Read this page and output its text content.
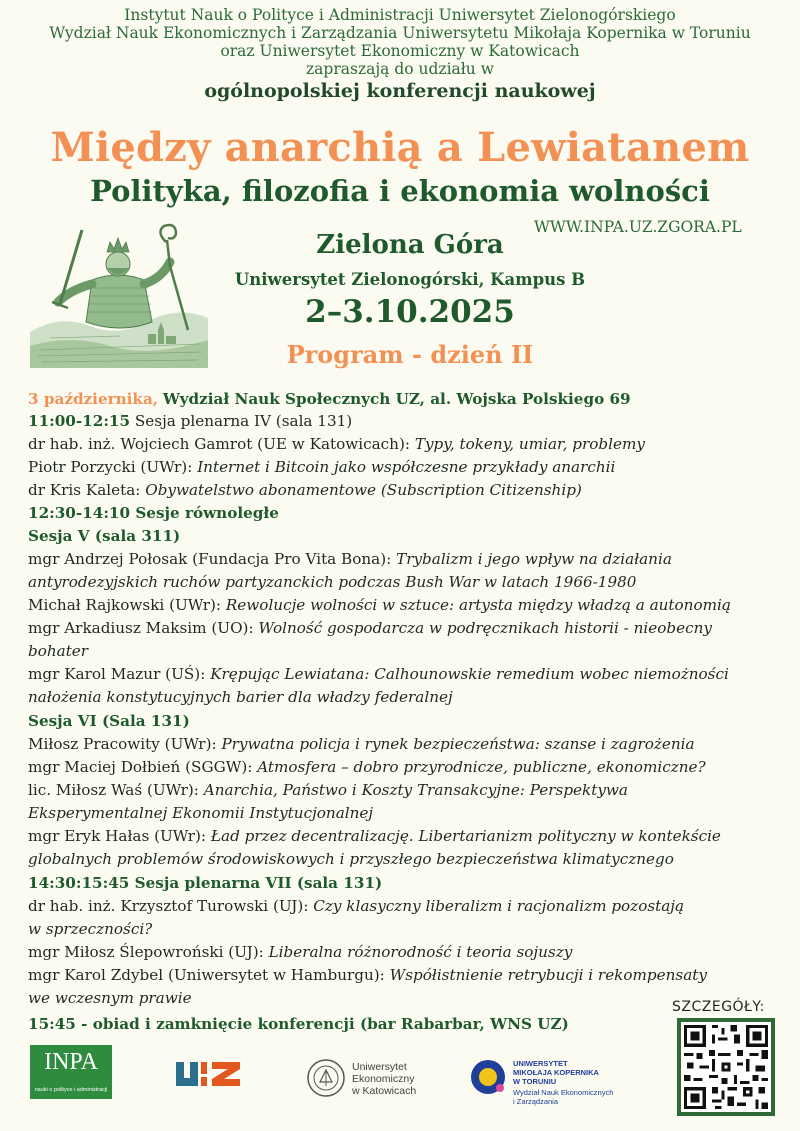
Instytut Nauk o Polityce i Administracji Uniwersytet Zielonogórskiego

Wydział Nauk Ekonomicznych i Zarządzania Uniwersytetu Mikołaja Kopernika w Toruniu

oraz Uniwersytet Ekonomiczny w Katowicach

zapraszają do udziału w

ogólnopolskiej konferencji naukowej

Między anarchią a Lewiatanem

Polityka, filozofia i ekonomia wolności

WWW.INPA.UZ.ZGORA.PL

Zielona Góra

Uniwersytet Zielonogórski, Kampus B

2–3.10.2025

Program - dzień II

3 października, Wydział Nauk Społecznych UZ, al. Wojska Polskiego 69
11:00-12:15 Sesja plenarna IV (sala 131)
dr hab. inż. Wojciech Gamrot (UE w Katowicach): Typy, tokeny, umiar, problemy
Piotr Porzycki (UWr): Internet i Bitcoin jako współczesne przykłady anarchii
dr Kris Kaleta: Obywatelstwo abonamentowe (Subscription Citizenship)
12:30-14:10 Sesje równoległe
Sesja V (sala 311)
mgr Andrzej Połosak (Fundacja Pro Vita Bona): Trybalizm i jego wpływ na działania
antyrodezyjskich ruchów partyzanckich podczas Bush War w latach 1966-1980
Michał Rajkowski (UWr): Rewolucje wolności w sztuce: artysta między władzą a autonomią
mgr Arkadiusz Maksim (UO): Wolność gospodarcza w podręcznikach historii - nieobecny
bohater
mgr Karol Mazur (UŚ): Krępując Lewiatana: Calhounowskie remedium wobec niemożności
nałożenia konstytucyjnych barier dla władzy federalnej
Sesja VI (Sala 131)
Miłosz Pracowity (UWr): Prywatna policja i rynek bezpieczeństwa: szanse i zagrożenia
mgr Maciej Dołbień (SGGW): Atmosfera – dobro przyrodnicze, publiczne, ekonomiczne?
lic. Miłosz Waś (UWr): Anarchia, Państwo i Koszty Transakcyjne: Perspektywa
Eksperymentalnej Ekonomii Instytucjonalnej
mgr Eryk Hałas (UWr): Ład przez decentralizację. Libertarianizm polityczny w kontekście
globalnych problemów środowiskowych i przyszłego bezpieczeństwa klimatycznego
14:30:15:45 Sesja plenarna VII (sala 131)
dr hab. inż. Krzysztof Turowski (UJ): Czy klasyczny liberalizm i racjonalizm pozostają
w sprzeczności?
mgr Miłosz Ślepowroński (UJ): Liberalna różnorodność i teoria sojuszy
mgr Karol Zdybel (Uniwersytet w Hamburgu): Współistnienie retrybucji i rekompensaty
we wczesnym prawie
15:45 - obiad i zamknięcie konferencji (bar Rabarbar, WNS UZ)
SZCZEGÓŁY:
INPA
nauki o polityce i administracji
Uniwersytet
Ekonomiczny
w Katowicach
UNIWERSYTET
MIKOŁAJA KOPERNIKA
W TORUNIU
Wydział Nauk Ekonomicznych
i Zarządzania
